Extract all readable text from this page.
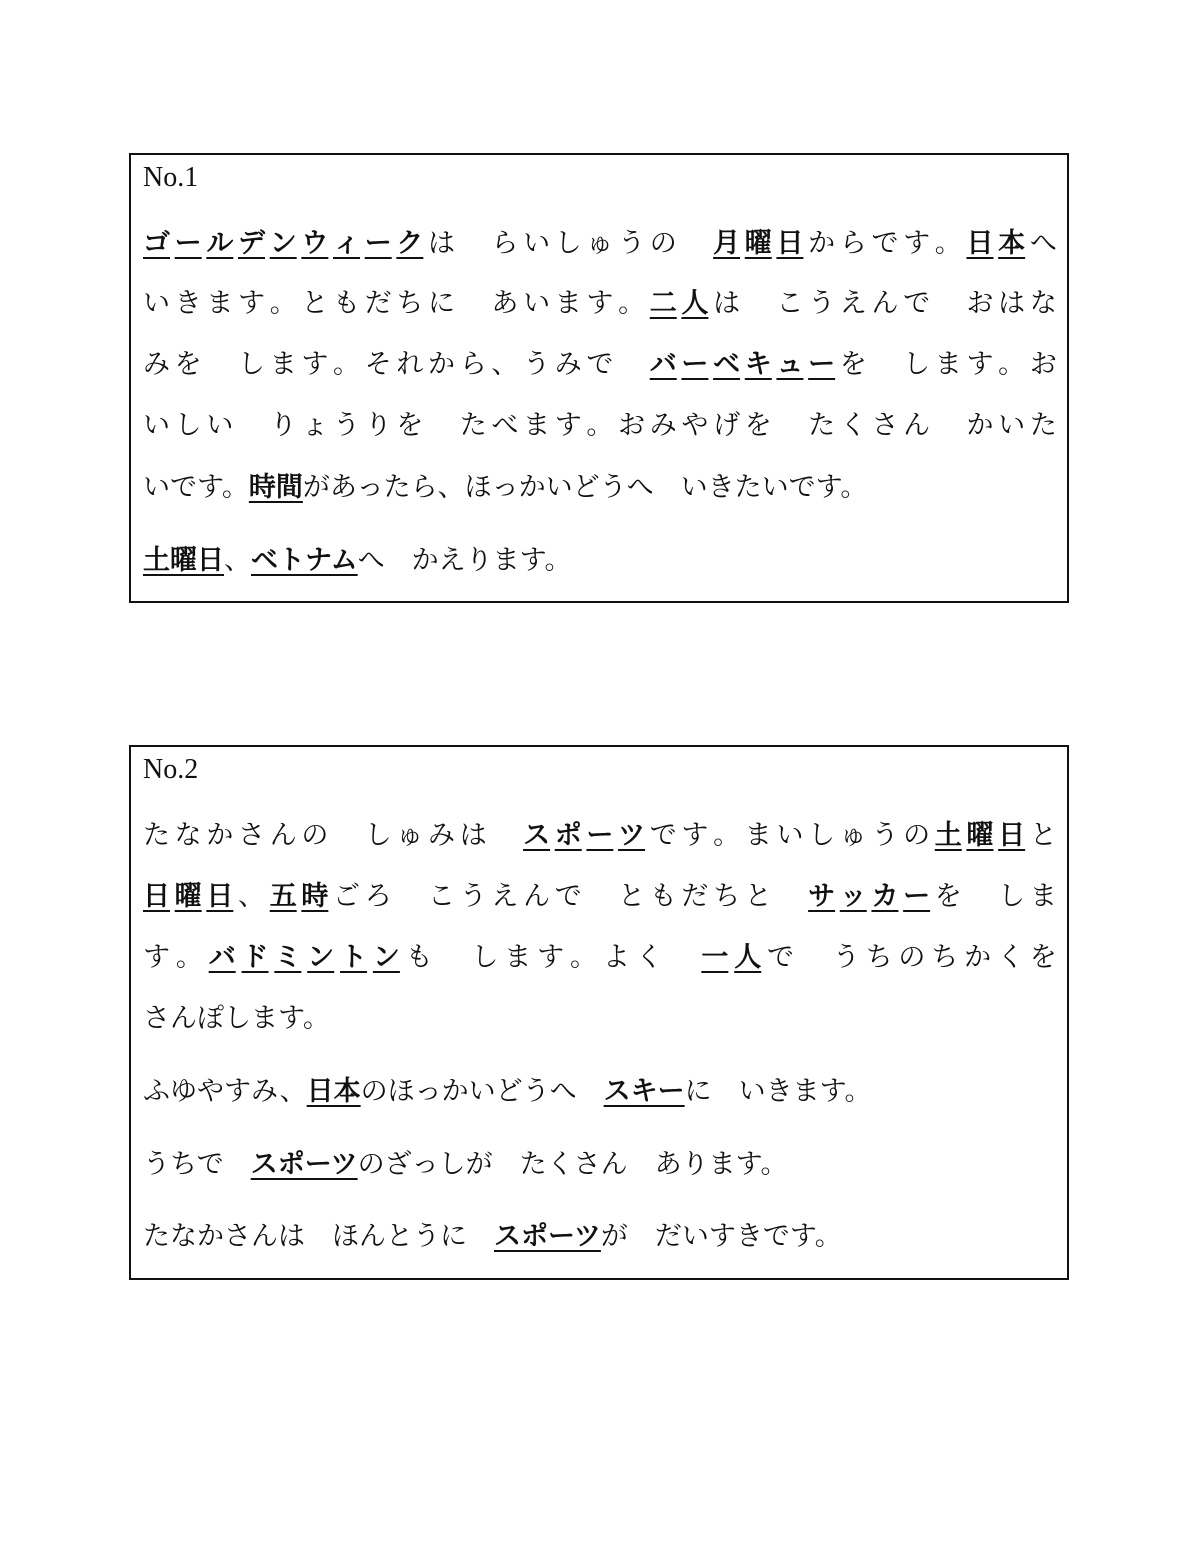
No.1
ゴ ー ル デ ン ウ ィ ー ク は
　 ら い し ゅ う の
　 月 曜 日 か ら で す 。 日 本 へ
い き ま す 。 と も だ ち に
　 あ い ま す 。 二 人 は
　 こ う え ん で
　 お は な
み を
　 し ま す 。 そ れ か ら 、 う み で
　 バ ー ベ キ ュ ー を
　 し ま す 。 お
い し い
　 り ょ う り を
　 た べ ま す 。 お み や げ を
　 た く さ ん
　 か い た
いです。時間があったら、ほっかいどうへ　いきたいです。
土曜日、ベトナムへ　かえります。
No.2
た な か さ ん の
　 し ゅ み は
　 ス ポ ー ツ で す 。 ま い し ゅ う の 土 曜 日 と
日 曜 日 、 五 時 ご ろ
　 こ う え ん で
　 と も だ ち と
　 サ ッ カ ー を
　 し ま
す 。 バ ド ミ ン ト ン も
　 し ま す 。 よ く
　 一 人 で
　 う ち の ち か く を
さんぽします。
ふゆやすみ、日本のほっかいどうへ　スキーに　いきます。
うちで　スポーツのざっしが　たくさん　あります。
たなかさんは　ほんとうに　スポーツが　だいすきです。
